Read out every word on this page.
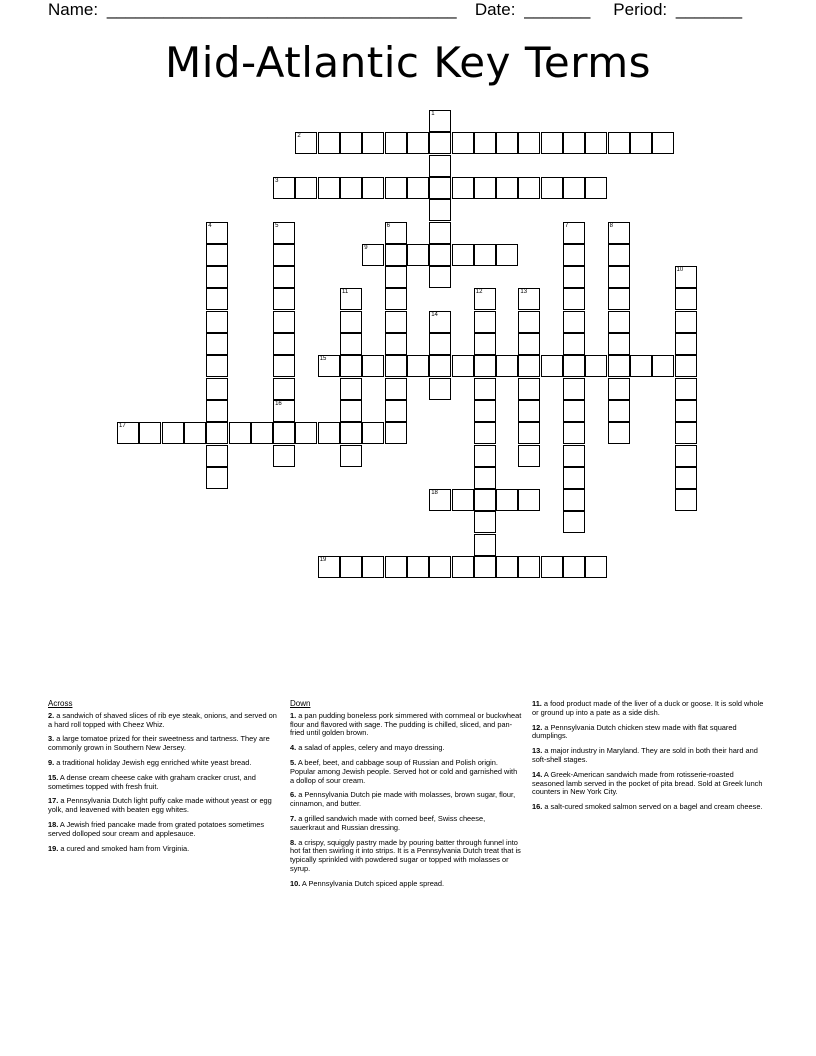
Name: _____________________________________ Date: _______ Period: _______
Mid-Atlantic Key Terms
1
2
3
4	5
16
6	7	8
9
10
11	12	13
14
15
17
18
19
Across
2. a sandwich of shaved slices of rib eye steak, onions, and served on a hard roll topped with Cheez Whiz.
3. a large tomatoe prized for their sweetness and tartness. They are commonly grown in Southern New Jersey.
9. a traditional holiday Jewish egg enriched white yeast bread.
15. A dense cream cheese cake with graham cracker crust, and sometimes topped with fresh fruit.
17. a Pennsylvania Dutch light puffy cake made without yeast or egg yolk, and leavened with beaten egg whites.
18. A Jewish fried pancake made from grated potatoes sometimes served dolloped sour cream and applesauce.
19. a cured and smoked ham from Virginia.
Down
1. a pan pudding boneless pork simmered with cornmeal or buckwheat flour and flavored with sage. The pudding is chilled, sliced, and pan-fried until golden brown.
4. a salad of apples, celery and mayo dressing.
5. A beef, beet, and cabbage soup of Russian and Polish origin. Popular among Jewish people. Served hot or cold and garnished with a dollop of sour cream.
6. a Pennsylvania Dutch pie made with molasses, brown sugar, flour, cinnamon, and butter.
7. a grilled sandwich made with corned beef, Swiss cheese, sauerkraut and Russian dressing.
8. a crispy, squiggly pastry made by pouring batter through funnel into hot fat then swirling it into strips. It is a Pennsylvania Dutch treat that is typically sprinkled with powdered sugar or topped with molasses or syrup.
10. A Pennsylvania Dutch spiced apple spread.
11. a food product made of the liver of a duck or goose. It is sold whole or ground up into a pate as a side dish.
12. a Pennsylvania Dutch chicken stew made with flat squared dumplings.
13. a major industry in Maryland. They are sold in both their hard and soft-shell stages.
14. A Greek-American sandwich made from rotisserie-roasted seasoned lamb served in the pocket of pita bread. Sold at Greek lunch counters in New York City.
16. a salt-cured smoked salmon served on a bagel and cream cheese.
